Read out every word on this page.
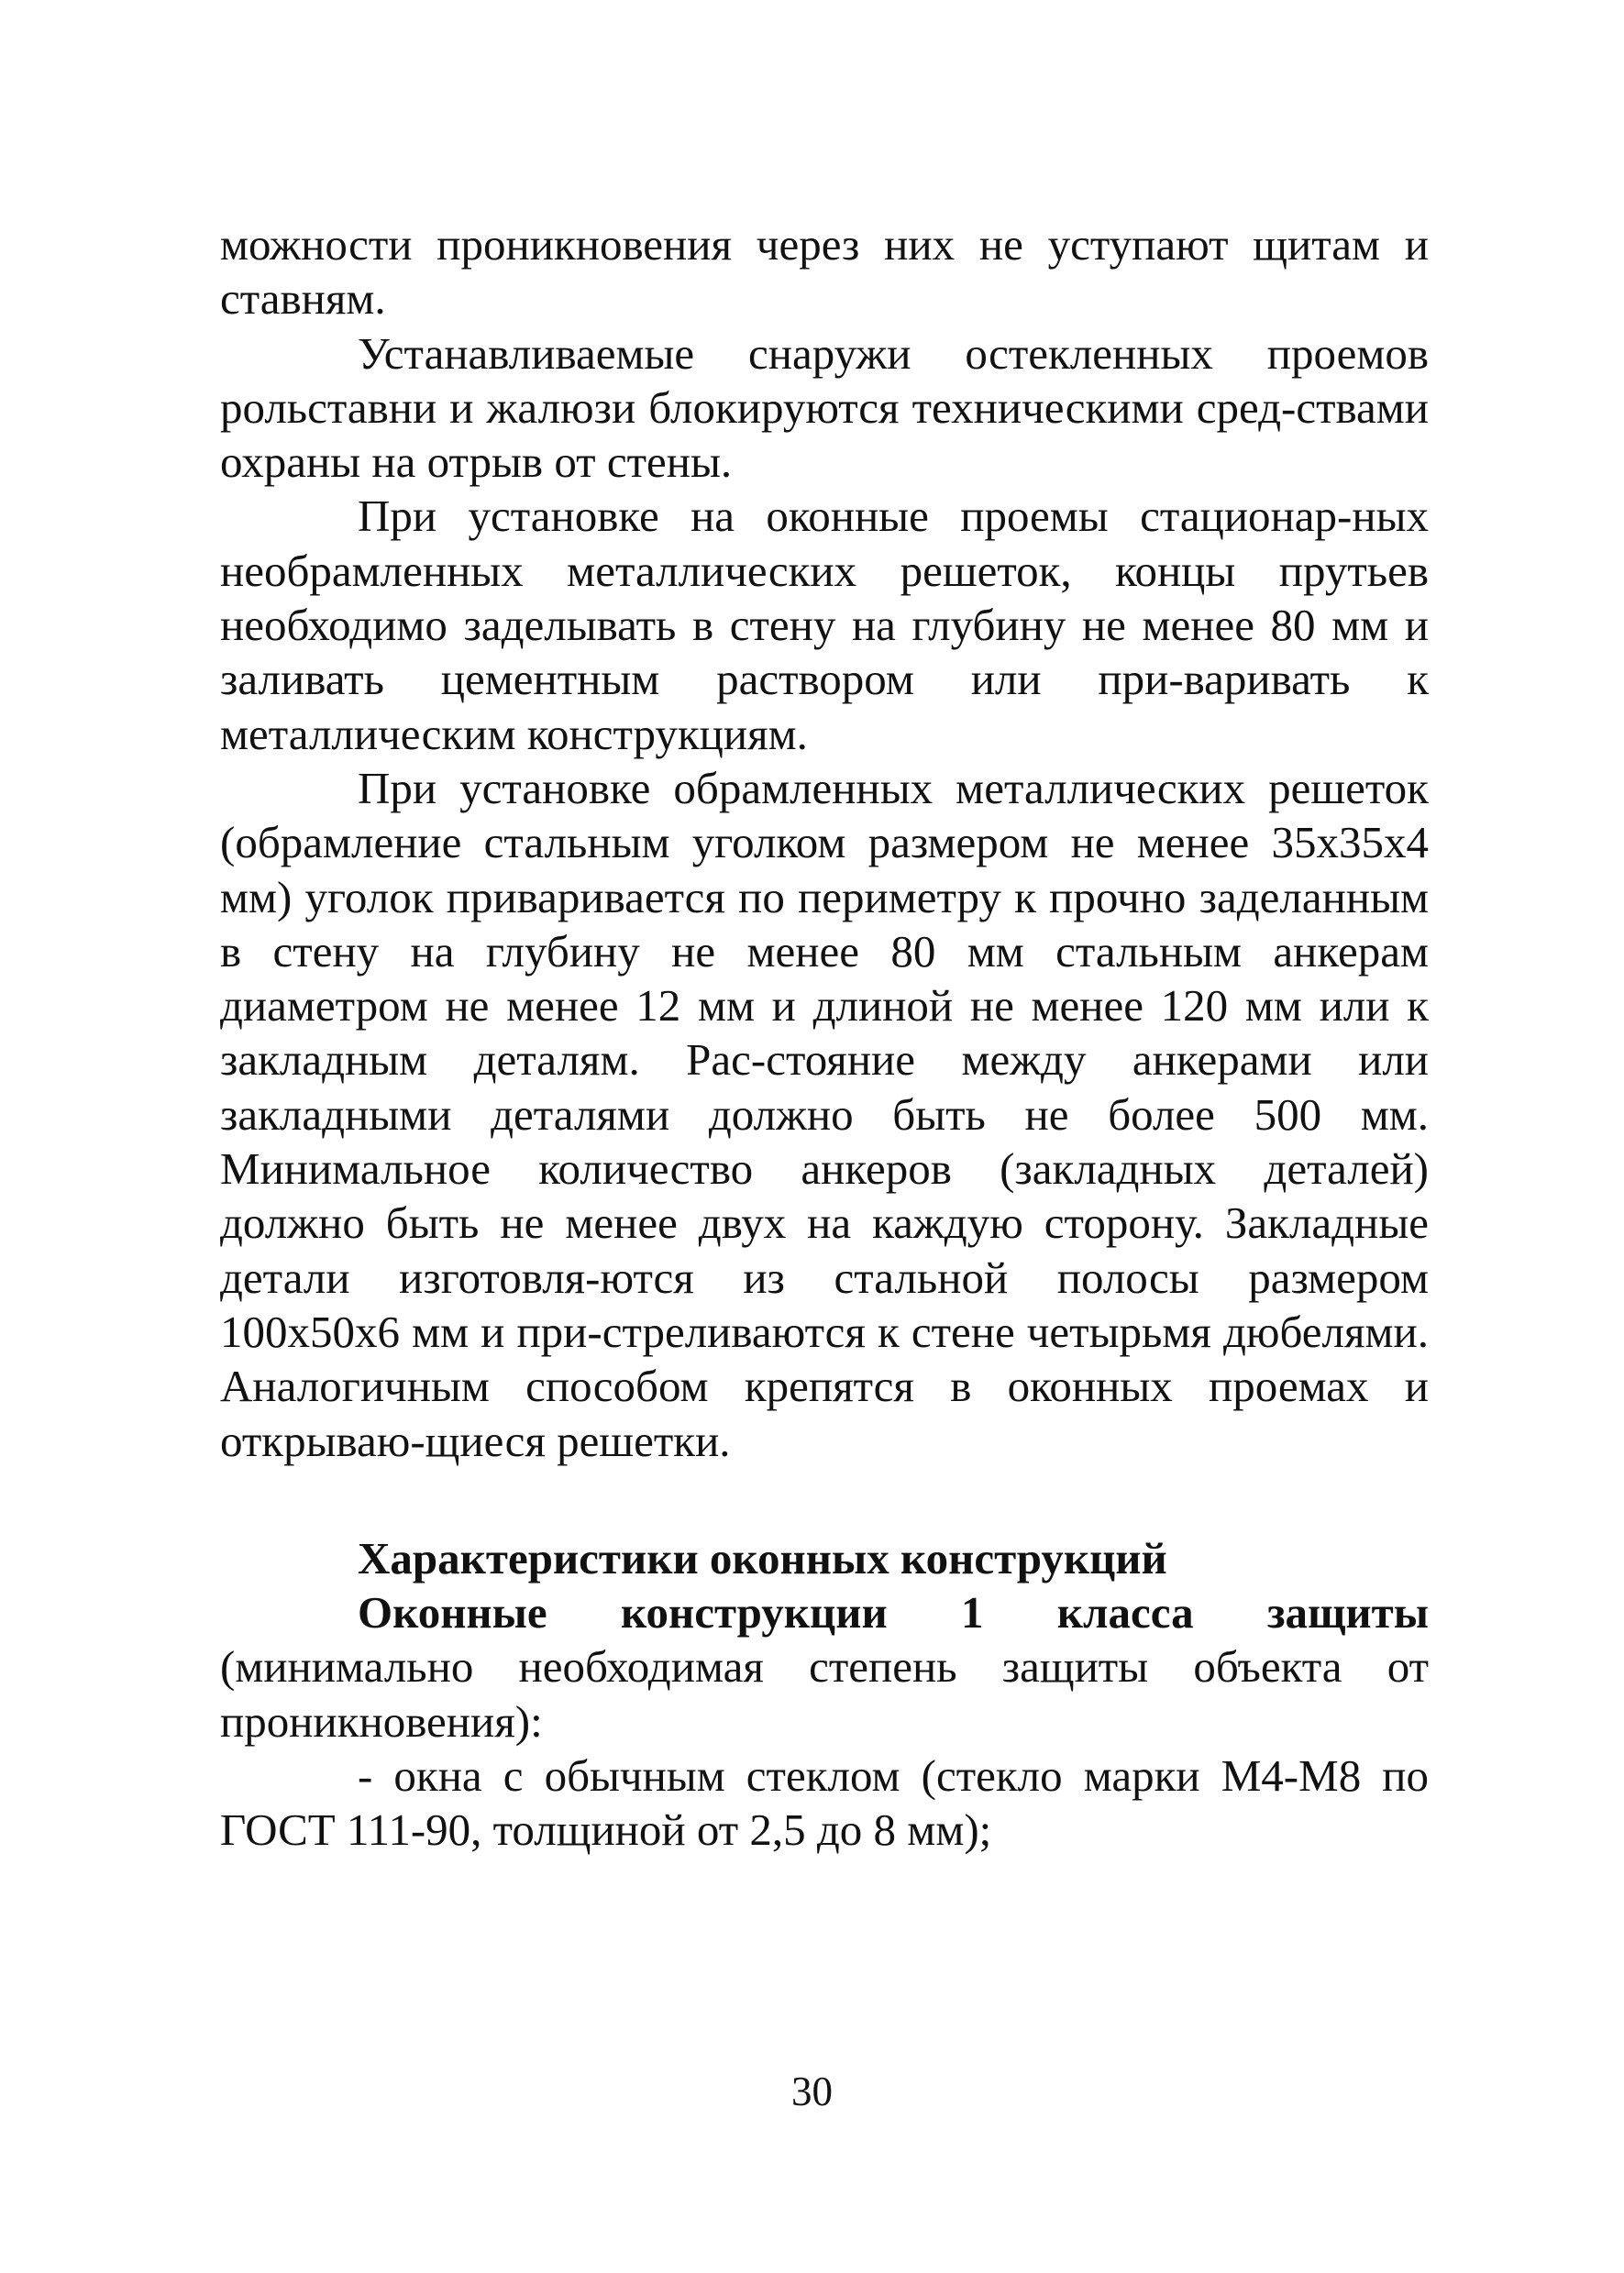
можности проникновения через них не уступают щитам и ставням.

Устанавливаемые снаружи остекленных проемов рольставни и жалюзи блокируются техническими сред-ствами охраны на отрыв от стены.

При установке на оконные проемы стационар-ных необрамленных металлических решеток, концы прутьев необходимо заделывать в стену на глубину не менее 80 мм и заливать цементным раствором или при-варивать к металлическим конструкциям.

При установке обрамленных металлических решеток (обрамление стальным уголком размером не менее 35х35х4 мм) уголок приваривается по периметру к прочно заделанным в стену на глубину не менее 80 мм стальным анкерам диаметром не менее 12 мм и длиной не менее 120 мм или к закладным деталям. Рас-стояние между анкерами или закладными деталями должно быть не более 500 мм. Минимальное количество анкеров (закладных деталей) должно быть не менее двух на каждую сторону. Закладные детали изготовля-ются из стальной полосы размером 100х50х6 мм и при-стреливаются к стене четырьмя дюбелями. Аналогичным способом крепятся в оконных проемах и открываю-щиеся решетки.

Характеристики оконных конструкций

Оконные конструкции 1 класса защиты (минимально необходимая степень защиты объекта от проникновения):

- окна с обычным стеклом (стекло марки М4-М8 по ГОСТ 111-90, толщиной от 2,5 до 8 мм);

30
